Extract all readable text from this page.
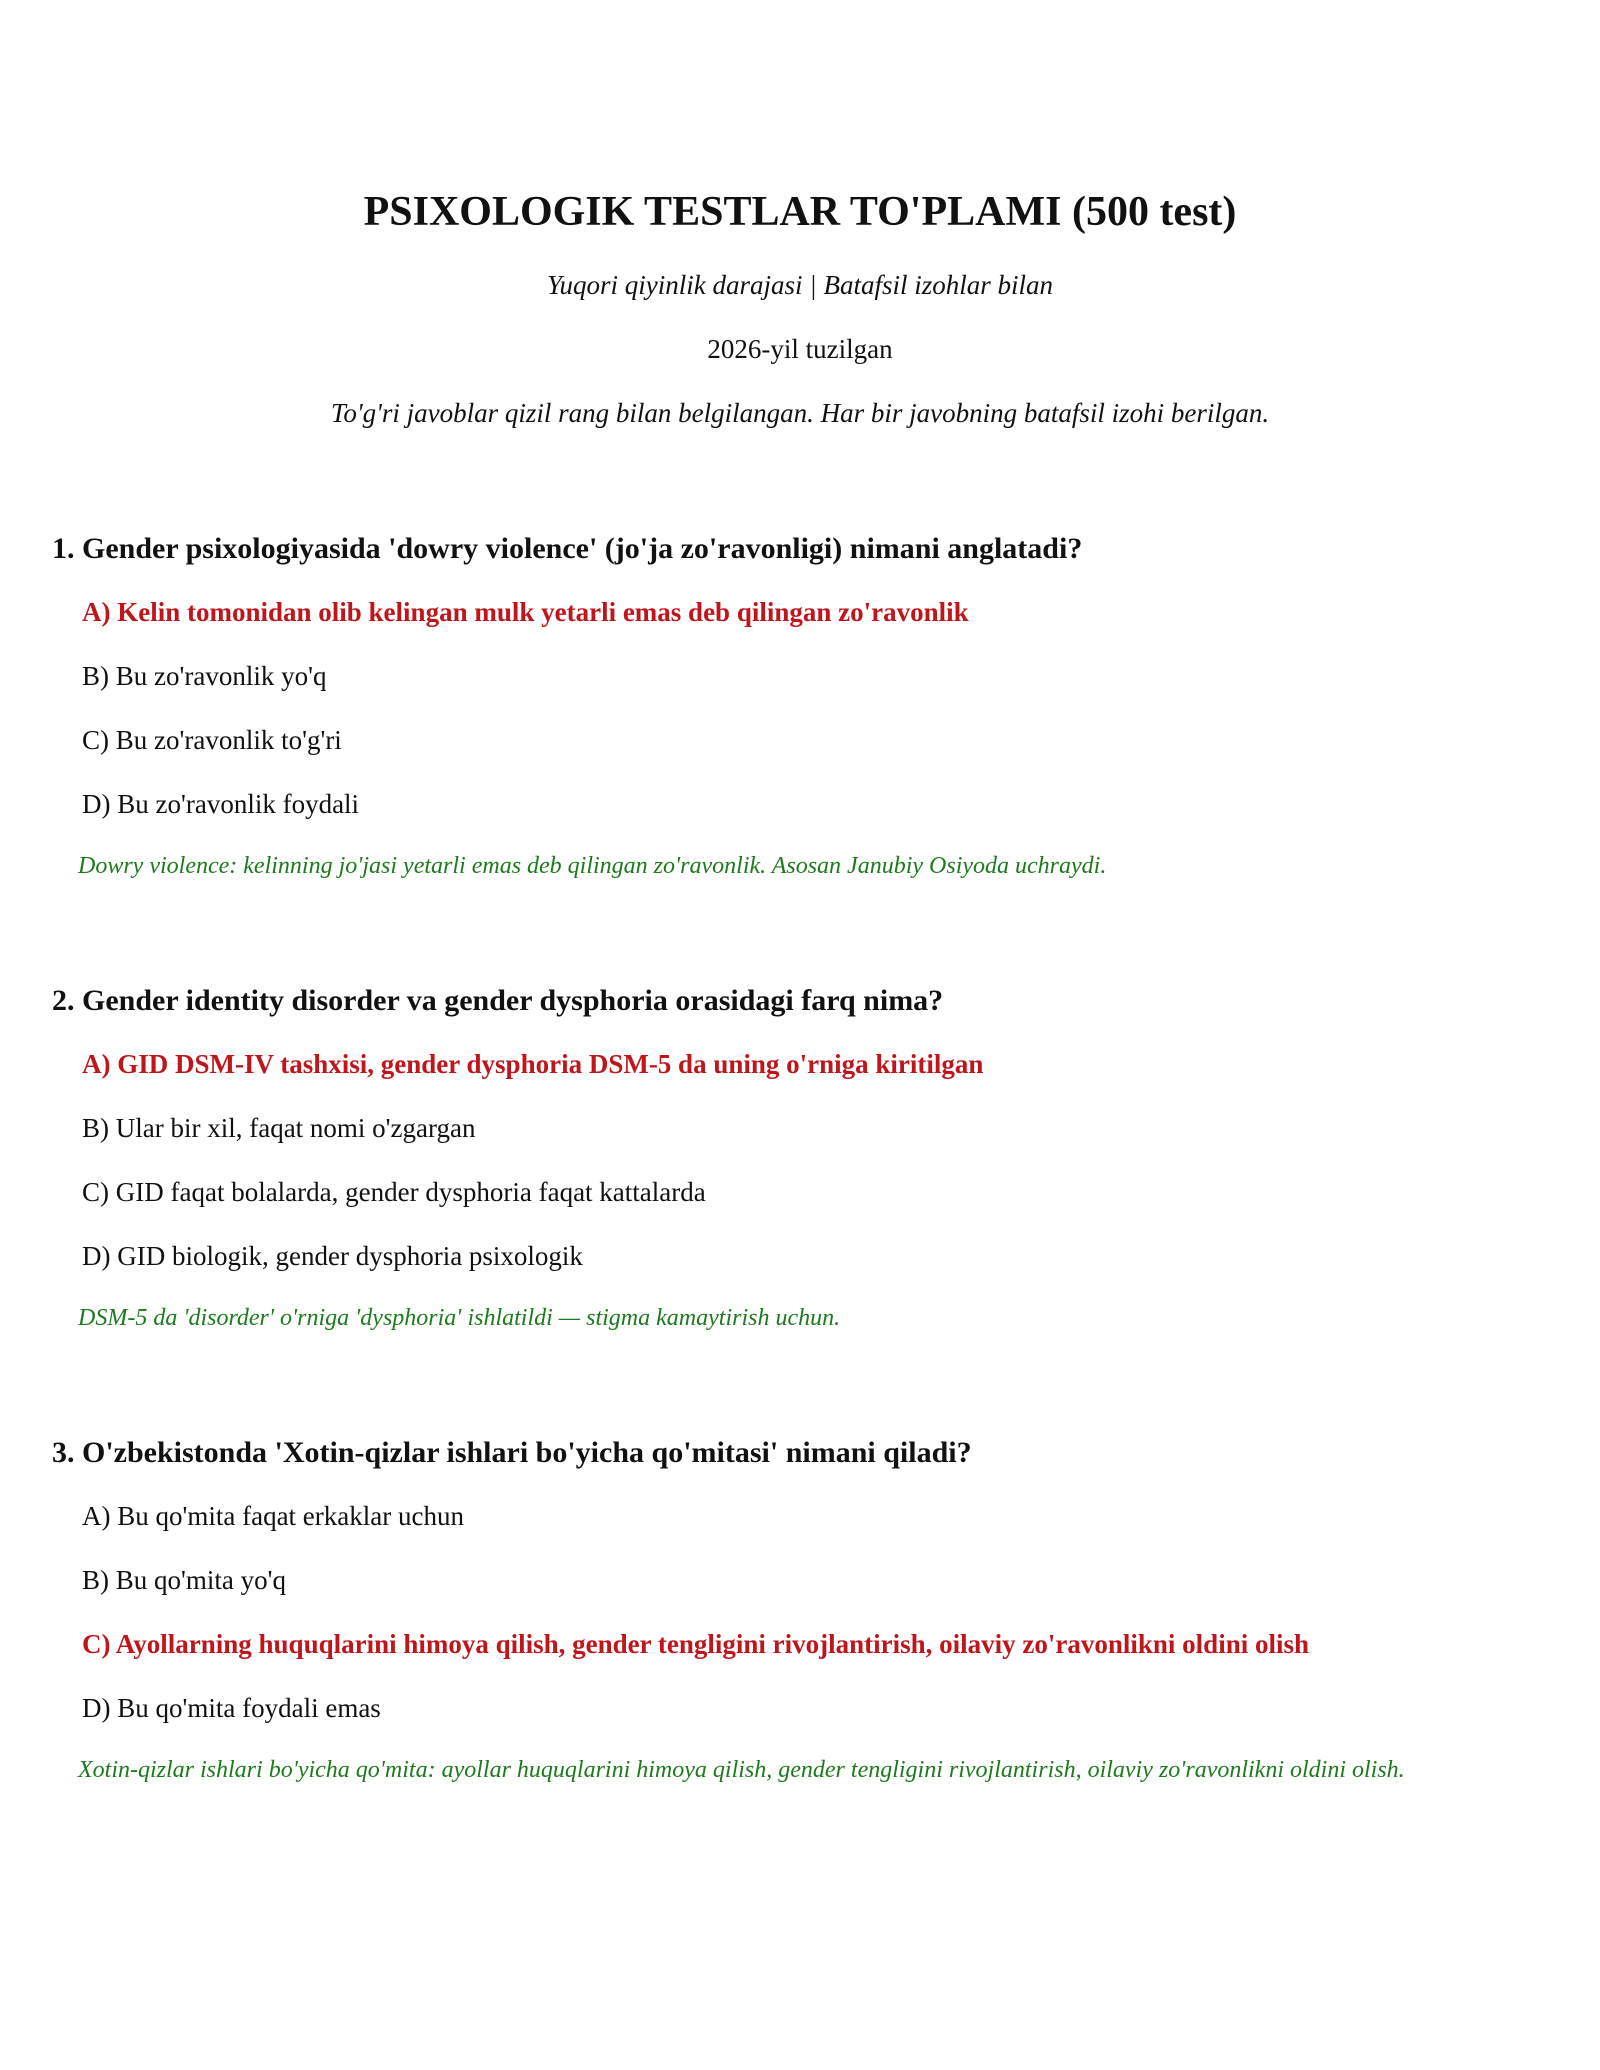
PSIXOLOGIK TESTLAR TO'PLAMI (500 test)

Yuqori qiyinlik darajasi | Batafsil izohlar bilan

2026-yil tuzilgan

To'g'ri javoblar qizil rang bilan belgilangan. Har bir javobning batafsil izohi berilgan.

1. Gender psixologiyasida 'dowry violence' (jo'ja zo'ravonligi) nimani anglatadi?

A) Kelin tomonidan olib kelingan mulk yetarli emas deb qilingan zo'ravonlik

B) Bu zo'ravonlik yo'q

C) Bu zo'ravonlik to'g'ri

D) Bu zo'ravonlik foydali

Dowry violence: kelinning jo'jasi yetarli emas deb qilingan zo'ravonlik. Asosan Janubiy Osiyoda uchraydi.

2. Gender identity disorder va gender dysphoria orasidagi farq nima?

A) GID DSM-IV tashxisi, gender dysphoria DSM-5 da uning o'rniga kiritilgan

B) Ular bir xil, faqat nomi o'zgargan

C) GID faqat bolalarda, gender dysphoria faqat kattalarda

D) GID biologik, gender dysphoria psixologik

DSM-5 da 'disorder' o'rniga 'dysphoria' ishlatildi — stigma kamaytirish uchun.

3. O'zbekistonda 'Xotin-qizlar ishlari bo'yicha qo'mitasi' nimani qiladi?

A) Bu qo'mita faqat erkaklar uchun

B) Bu qo'mita yo'q

C) Ayollarning huquqlarini himoya qilish, gender tengligini rivojlantirish, oilaviy zo'ravonlikni oldini olish

D) Bu qo'mita foydali emas

Xotin-qizlar ishlari bo'yicha qo'mita: ayollar huquqlarini himoya qilish, gender tengligini rivojlantirish, oilaviy zo'ravonlikni oldini olish.
